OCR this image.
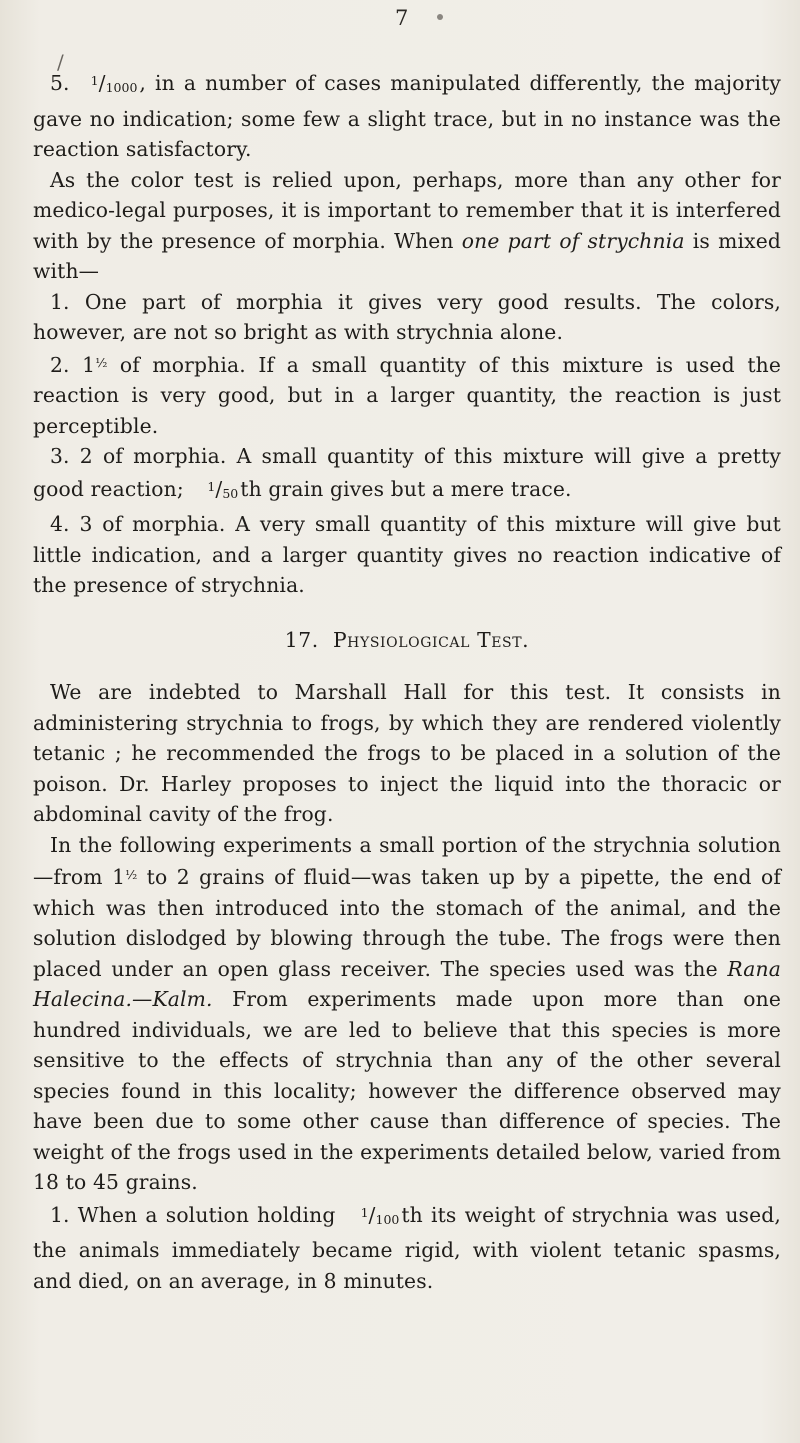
7
/

5. $^1$/1000, in a number of cases manipulated differently, the majority gave no indication; some few a slight trace, but in no instance was the reaction satisfactory.

As the color test is relied upon, perhaps, more than any other for medico-legal purposes, it is important to remember that it is interfered with by the presence of morphia. When one part of strychnia is mixed with—

1. One part of morphia it gives very good results. The colors, however, are not so bright as with strychnia alone.

2. $1^{\frac{1}{2}}$ of morphia. If a small quantity of this mixture is used the reaction is very good, but in a larger quantity, the reaction is just perceptible.

3. 2 of morphia. A small quantity of this mixture will give a pretty good reaction; $^1$/50th grain gives but a mere trace.

4. 3 of morphia. A very small quantity of this mixture will give but little indication, and a larger quantity gives no reaction indicative of the presence of strychnia.

17. Physiological Test.

We are indebted to Marshall Hall for this test. It consists in administering strychnia to frogs, by which they are rendered violently tetanic ; he recommended the frogs to be placed in a solution of the poison. Dr. Harley proposes to inject the liquid into the thoracic or abdominal cavity of the frog.

In the following experiments a small portion of the strychnia solution—from $1^{\frac{1}{2}}$ to 2 grains of fluid—was taken up by a pipette, the end of which was then introduced into the stomach of the animal, and the solution dislodged by blowing through the tube. The frogs were then placed under an open glass receiver. The species used was the Rana Halecina.—Kalm. From experiments made upon more than one hundred individuals, we are led to believe that this species is more sensitive to the effects of strychnia than any of the other several species found in this locality; however the difference observed may have been due to some other cause than difference of species. The weight of the frogs used in the experiments detailed below, varied from 18 to 45 grains.

1. When a solution holding $^1$/100th its weight of strychnia was used, the animals immediately became rigid, with violent tetanic spasms, and died, on an average, in 8 minutes.
